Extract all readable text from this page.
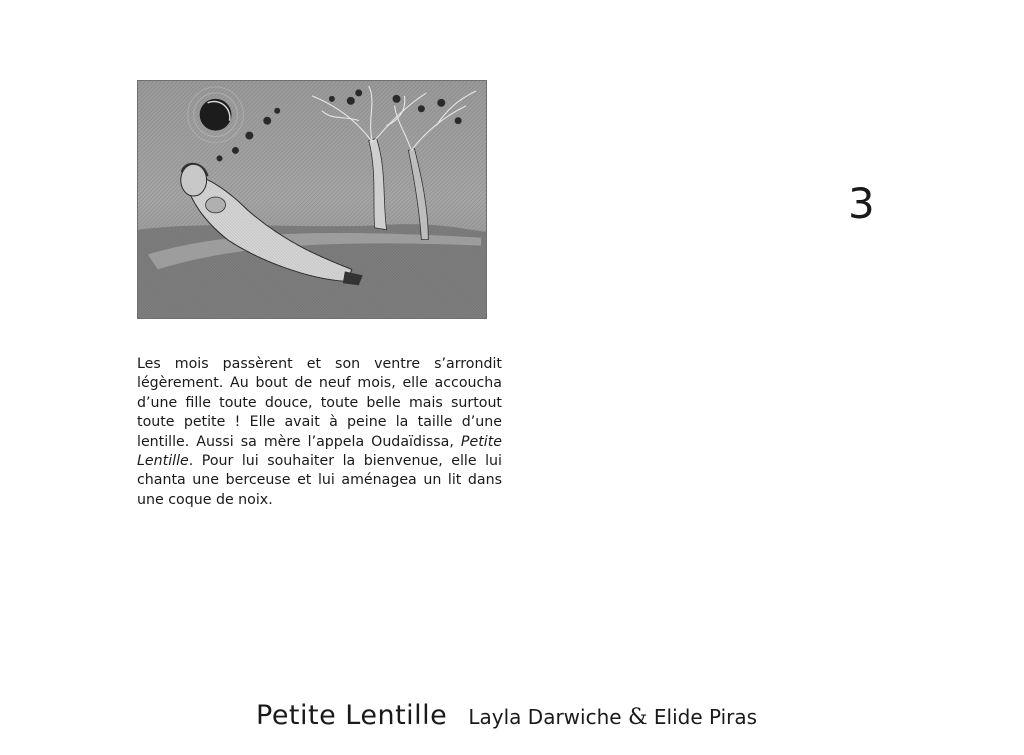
3

Les mois passèrent et son ventre s’arrondit légèrement. Au bout de neuf mois, elle accoucha d’une fille toute douce, toute belle mais surtout toute petite ! Elle avait à peine la taille d’une lentille. Aussi sa mère l’appela Oudaïdissa, Petite Lentille. Pour lui souhaiter la bienvenue, elle lui chanta une berceuse et lui aménagea un lit dans une coque de noix.

Petite Lentille Layla Darwiche & Elide Piras
